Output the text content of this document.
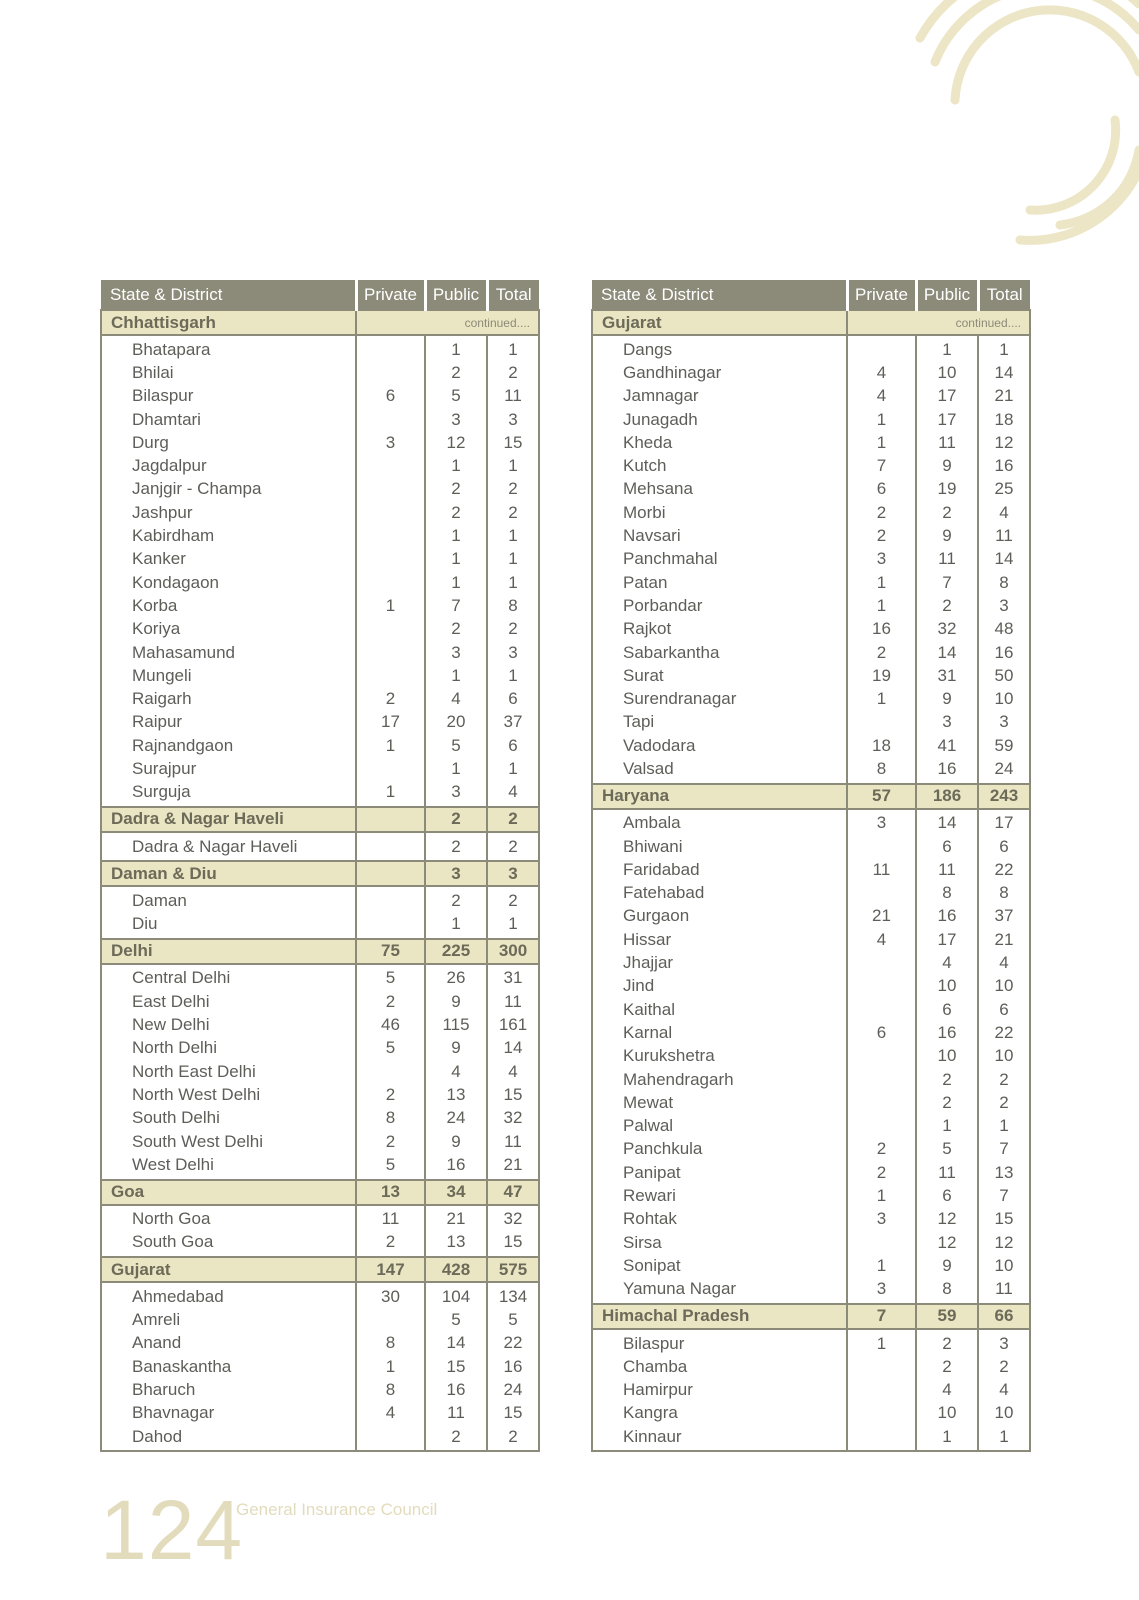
State & District	Private	Public	Total
Chhattisgarh	continued....		
Bhatapara		1	1
Bhilai		2	2
Bilaspur	6	5	11
Dhamtari		3	3
Durg	3	12	15
Jagdalpur		1	1
Janjgir - Champa		2	2
Jashpur		2	2
Kabirdham		1	1
Kanker		1	1
Kondagaon		1	1
Korba	1	7	8
Koriya		2	2
Mahasamund		3	3
Mungeli		1	1
Raigarh	2	4	6
Raipur	17	20	37
Rajnandgaon	1	5	6
Surajpur		1	1
Surguja	1	3	4
Dadra & Nagar Haveli		2	2
Dadra & Nagar Haveli		2	2
Daman & Diu		3	3
Daman		2	2
Diu		1	1
Delhi	75	225	300
Central Delhi	5	26	31
East Delhi	2	9	11
New Delhi	46	115	161
North Delhi	5	9	14
North East Delhi		4	4
North West Delhi	2	13	15
South Delhi	8	24	32
South West Delhi	2	9	11
West Delhi	5	16	21
Goa	13	34	47
North Goa	11	21	32
South Goa	2	13	15
Gujarat	147	428	575
Ahmedabad	30	104	134
Amreli		5	5
Anand	8	14	22
Banaskantha	1	15	16
Bharuch	8	16	24
Bhavnagar	4	11	15
Dahod		2	2
State & District	Private	Public	Total
Gujarat	continued....		
Dangs		1	1
Gandhinagar	4	10	14
Jamnagar	4	17	21
Junagadh	1	17	18
Kheda	1	11	12
Kutch	7	9	16
Mehsana	6	19	25
Morbi	2	2	4
Navsari	2	9	11
Panchmahal	3	11	14
Patan	1	7	8
Porbandar	1	2	3
Rajkot	16	32	48
Sabarkantha	2	14	16
Surat	19	31	50
Surendranagar	1	9	10
Tapi		3	3
Vadodara	18	41	59
Valsad	8	16	24
Haryana	57	186	243
Ambala	3	14	17
Bhiwani		6	6
Faridabad	11	11	22
Fatehabad		8	8
Gurgaon	21	16	37
Hissar	4	17	21
Jhajjar		4	4
Jind		10	10
Kaithal		6	6
Karnal	6	16	22
Kurukshetra		10	10
Mahendragarh		2	2
Mewat		2	2
Palwal		1	1
Panchkula	2	5	7
Panipat	2	11	13
Rewari	1	6	7
Rohtak	3	12	15
Sirsa		12	12
Sonipat	1	9	10
Yamuna Nagar	3	8	11
Himachal Pradesh	7	59	66
Bilaspur	1	2	3
Chamba		2	2
Hamirpur		4	4
Kangra		10	10
Kinnaur		1	1
124
General Insurance Council
